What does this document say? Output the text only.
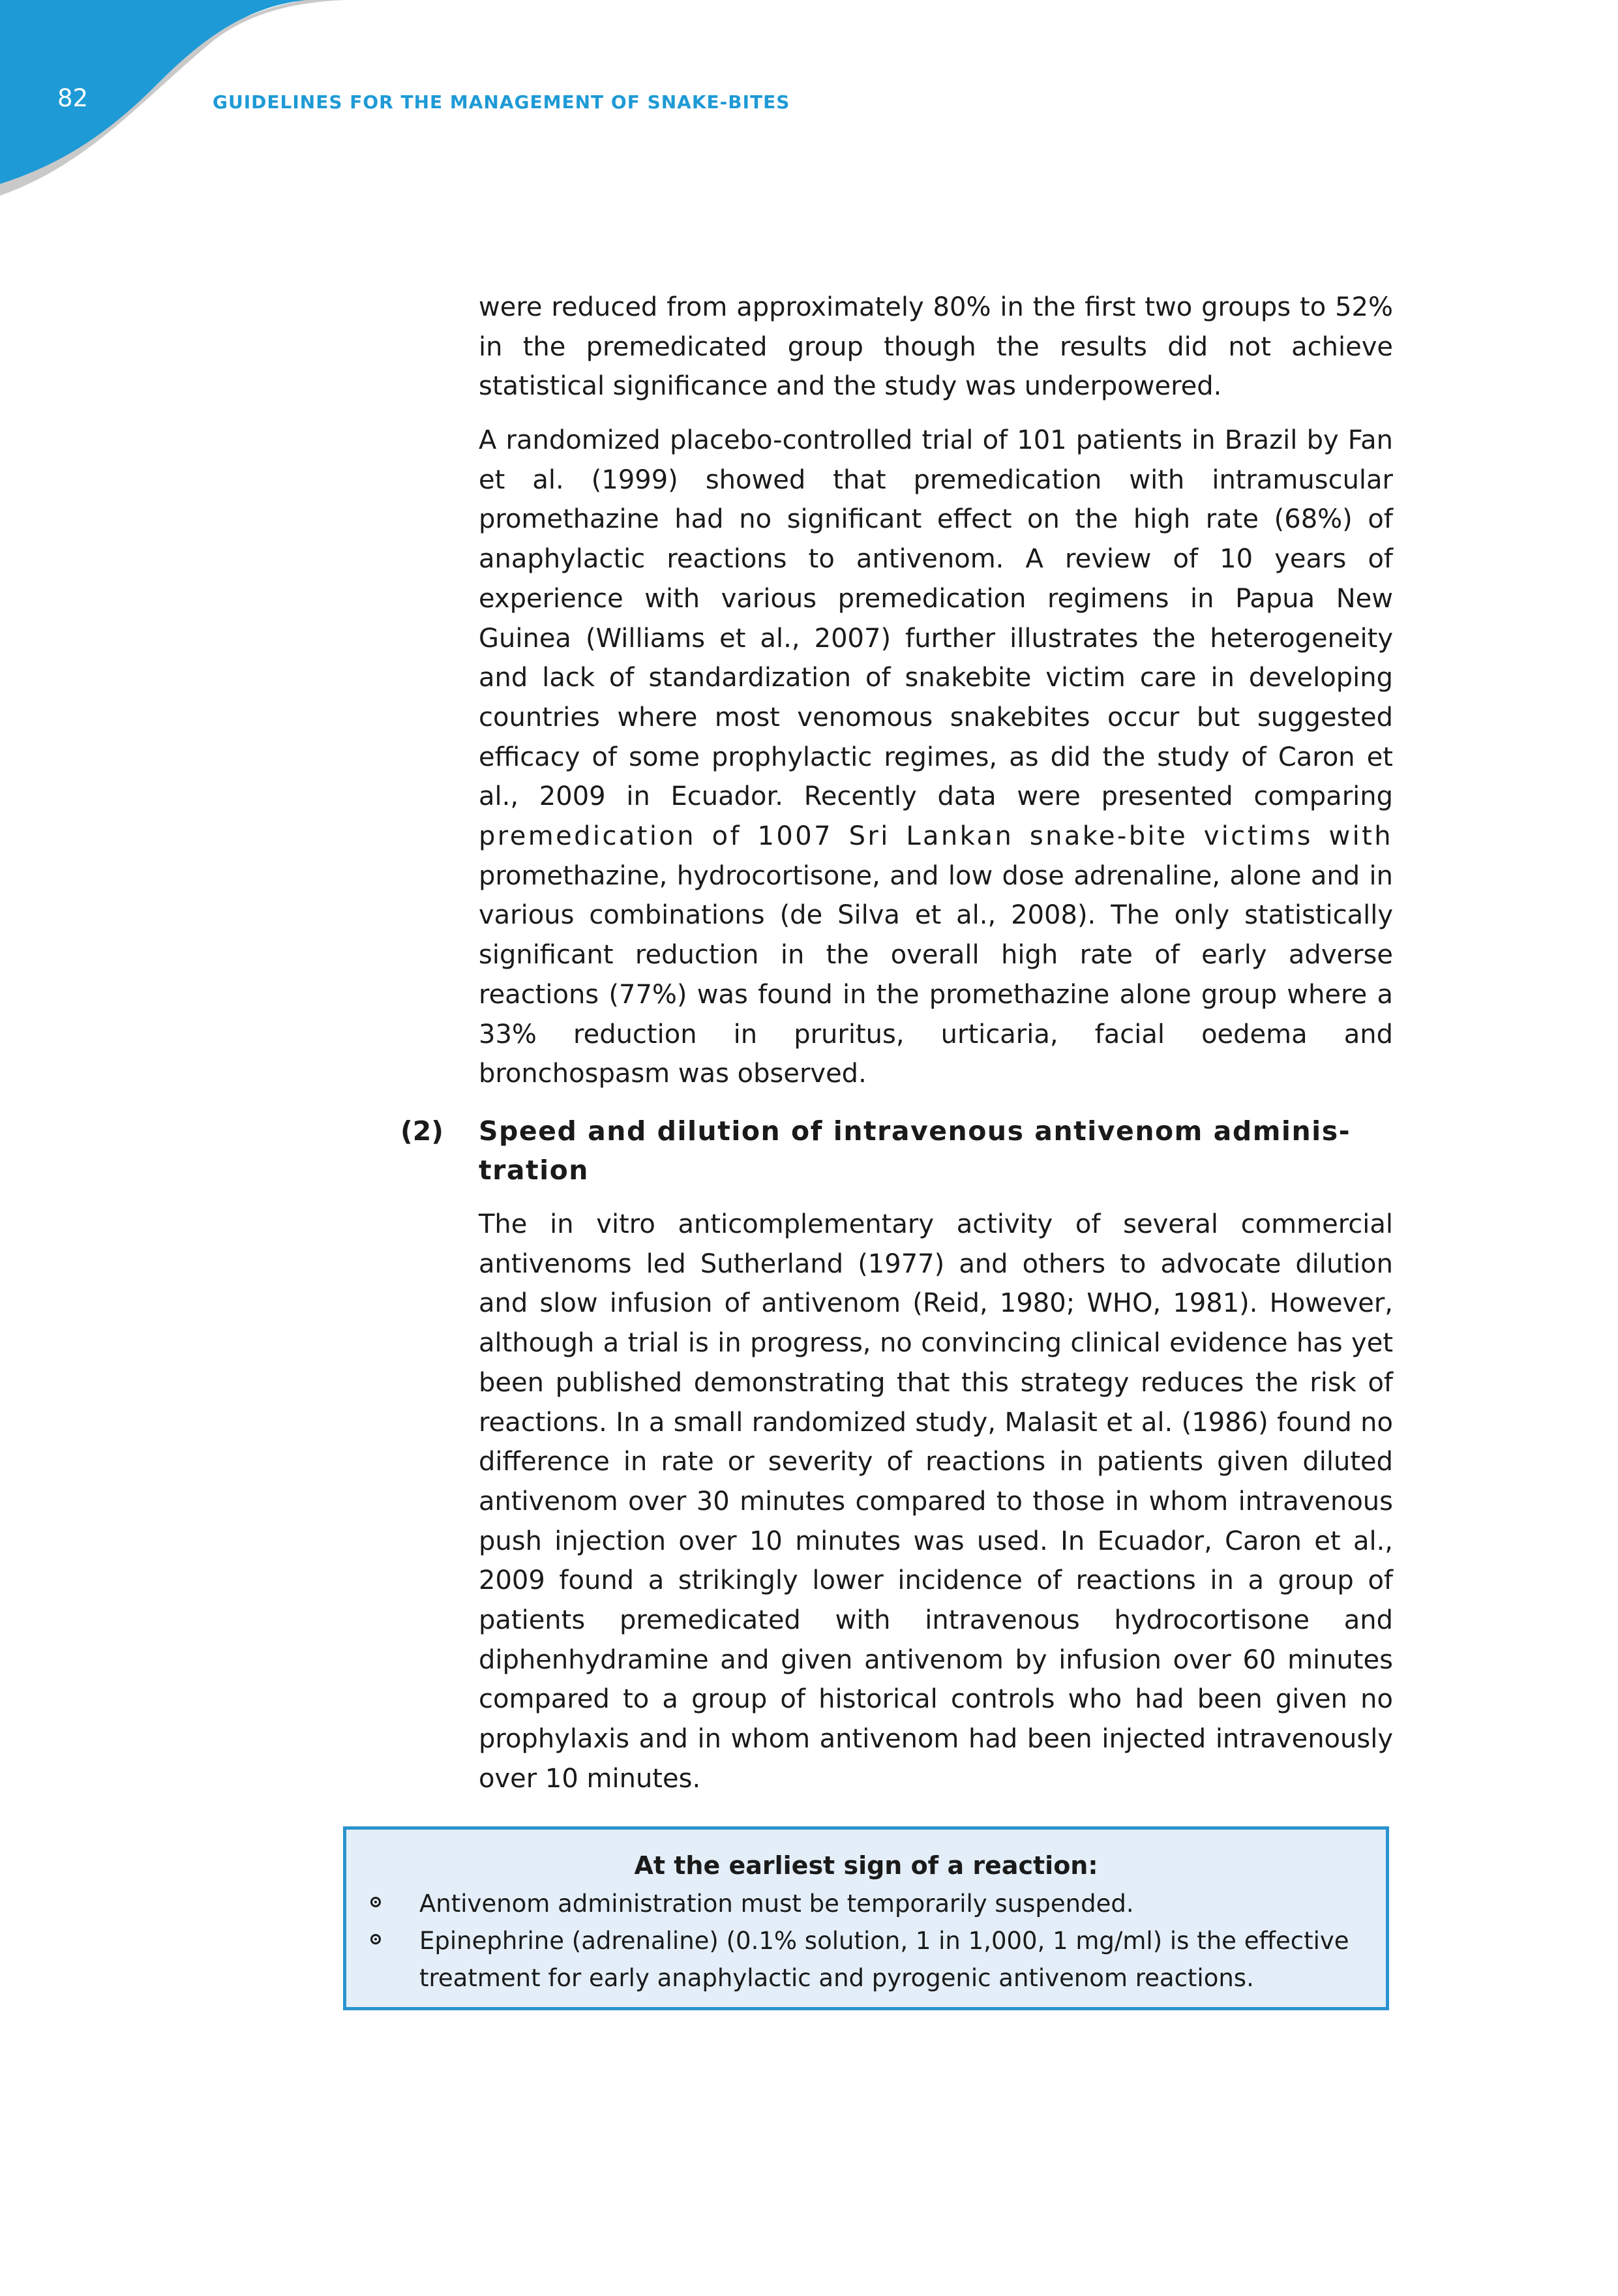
82	GUIDELINES FOR THE MANAGEMENT OF SNAKE-BITES

were reduced from approximately 80% in the first two groups to 52% in the premedicated group though the results did not achieve statistical significance and the study was underpowered.

A randomized placebo-controlled trial of 101 patients in Brazil by Fan et al. (1999) showed that premedication with intramuscular promethazine had no significant effect on the high rate (68%) of anaphylactic reactions to antivenom. A review of 10 years of experience with various premedication regimens in Papua New Guinea (Williams et al., 2007) further illustrates the heterogeneity and lack of standardization of snakebite victim care in developing countries where most venomous snakebites occur but suggested efficacy of some prophylactic regimes, as did the study of Caron et al., 2009 in Ecuador. Recently data were presented comparing premedication of 1007 Sri Lankan snake-bite victims with promethazine, hydrocortisone, and low dose adrenaline, alone and in various combinations (de Silva et al., 2008). The only statistically significant reduction in the overall high rate of early adverse reactions (77%) was found in the promethazine alone group where a 33% reduction in pruritus, urticaria, facial oedema and bronchospasm was observed.

(2) Speed and dilution of intravenous antivenom adminis-tration

The in vitro anticomplementary activity of several commercial antivenoms led Sutherland (1977) and others to advocate dilution and slow infusion of antivenom (Reid, 1980; WHO, 1981). However, although a trial is in progress, no convincing clinical evidence has yet been published demonstrating that this strategy reduces the risk of reactions. In a small randomized study, Malasit et al. (1986) found no difference in rate or severity of reactions in patients given diluted antivenom over 30 minutes compared to those in whom intravenous push injection over 10 minutes was used. In Ecuador, Caron et al., 2009 found a strikingly lower incidence of reactions in a group of patients premedicated with intravenous hydrocortisone and diphenhydramine and given antivenom by infusion over 60 minutes compared to a group of historical controls who had been given no prophylaxis and in whom antivenom had been injected intravenously over 10 minutes.

At the earliest sign of a reaction:

Antivenom administration must be temporarily suspended.
Epinephrine (adrenaline) (0.1% solution, 1 in 1,000, 1 mg/ml) is the effective treatment for early anaphylactic and pyrogenic antivenom reactions.
